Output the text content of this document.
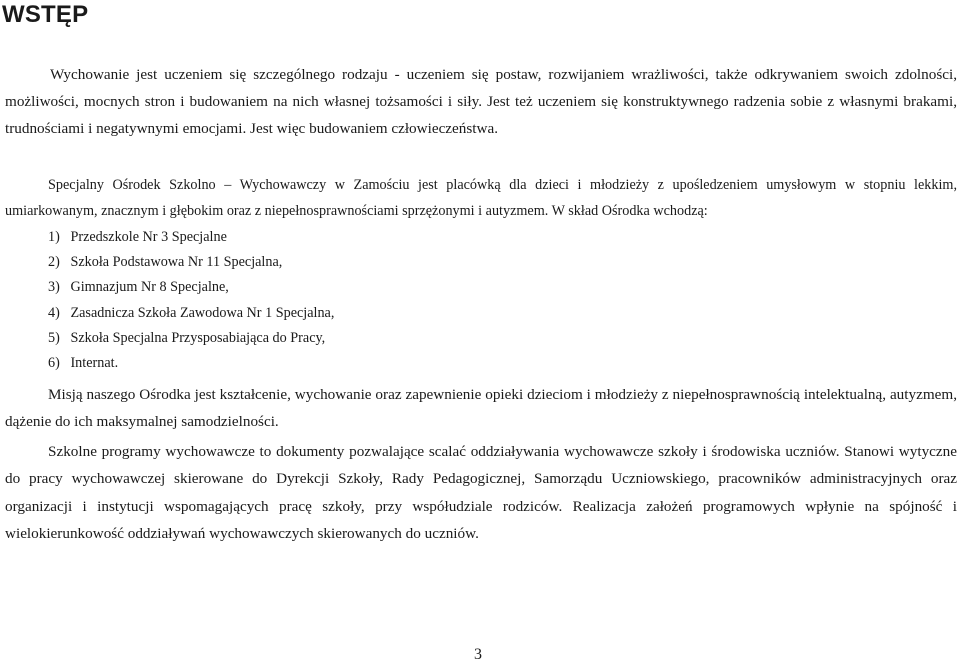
WSTĘP

Wychowanie jest uczeniem się szczególnego rodzaju - uczeniem się postaw, rozwijaniem wrażliwości, także odkrywaniem swoich zdolności, możliwości, mocnych stron i budowaniem na nich własnej tożsamości i siły. Jest też uczeniem się konstruktywnego radzenia sobie z własnymi brakami, trudnościami i negatywnymi emocjami. Jest więc budowaniem człowieczeństwa.

Specjalny Ośrodek Szkolno – Wychowawczy w Zamościu jest placówką dla dzieci i młodzieży z upośledzeniem umysłowym w stopniu lekkim, umiarkowanym, znacznym i głębokim oraz z niepełnosprawnościami sprzężonymi i autyzmem. W skład Ośrodka wchodzą:

1)   Przedszkole Nr 3 Specjalne
2)   Szkoła Podstawowa Nr 11 Specjalna,
3)   Gimnazjum Nr 8 Specjalne,
4)   Zasadnicza Szkoła Zawodowa Nr 1 Specjalna,
5)   Szkoła Specjalna Przysposabiająca do Pracy,
6)   Internat.

Misją naszego Ośrodka jest kształcenie, wychowanie oraz zapewnienie opieki dzieciom i młodzieży z niepełnosprawnością intelektualną, autyzmem, dążenie do ich maksymalnej samodzielności.

Szkolne programy wychowawcze to dokumenty pozwalające scalać oddziaływania wychowawcze szkoły i środowiska uczniów. Stanowi wytyczne do pracy wychowawczej skierowane do Dyrekcji Szkoły, Rady Pedagogicznej, Samorządu Uczniowskiego, pracowników administracyjnych oraz organizacji i instytucji wspomagających pracę szkoły, przy współudziale rodziców. Realizacja założeń programowych wpłynie na spójność i wielokierunkowość oddziaływań wychowawczych skierowanych do uczniów.

3
